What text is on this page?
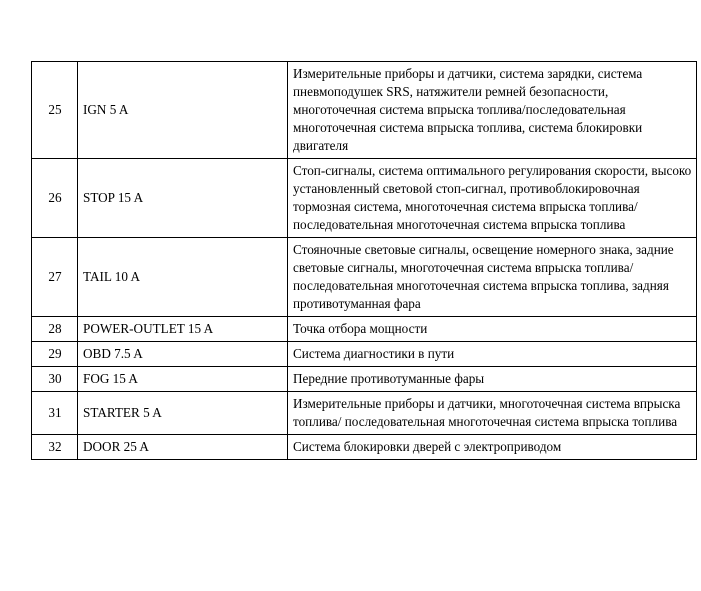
25	IGN 5 A	Измерительные приборы и датчики, система зарядки, система пневмоподушек SRS, натяжители ремней безопасности, многоточечная система впрыска топлива/последовательная многоточечная система впрыска топлива, система блокировки двигателя
26	STOP 15 A	Стоп-сигналы, система оптимального регулирования скорости, высоко установленный световой стоп-сигнал, противоблокировочная тормозная система, многоточечная система впрыска топлива/ последовательная многоточечная система впрыска топлива
27	TAIL 10 A	Стояночные световые сигналы, освещение номерного знака, задние световые сигналы, многоточечная система впрыска топлива/ последовательная многоточечная система впрыска топлива, задняя противотуманная фара
28	POWER-OUTLET 15 A	Точка отбора мощности
29	OBD 7.5 A	Система диагностики в пути
30	FOG 15 A	Передние противотуманные фары
31	STARTER 5 A	Измерительные приборы и датчики, многоточечная система впрыска топлива/ последовательная многоточечная система впрыска топлива
32	DOOR 25 A	Система блокировки дверей с электроприводом
